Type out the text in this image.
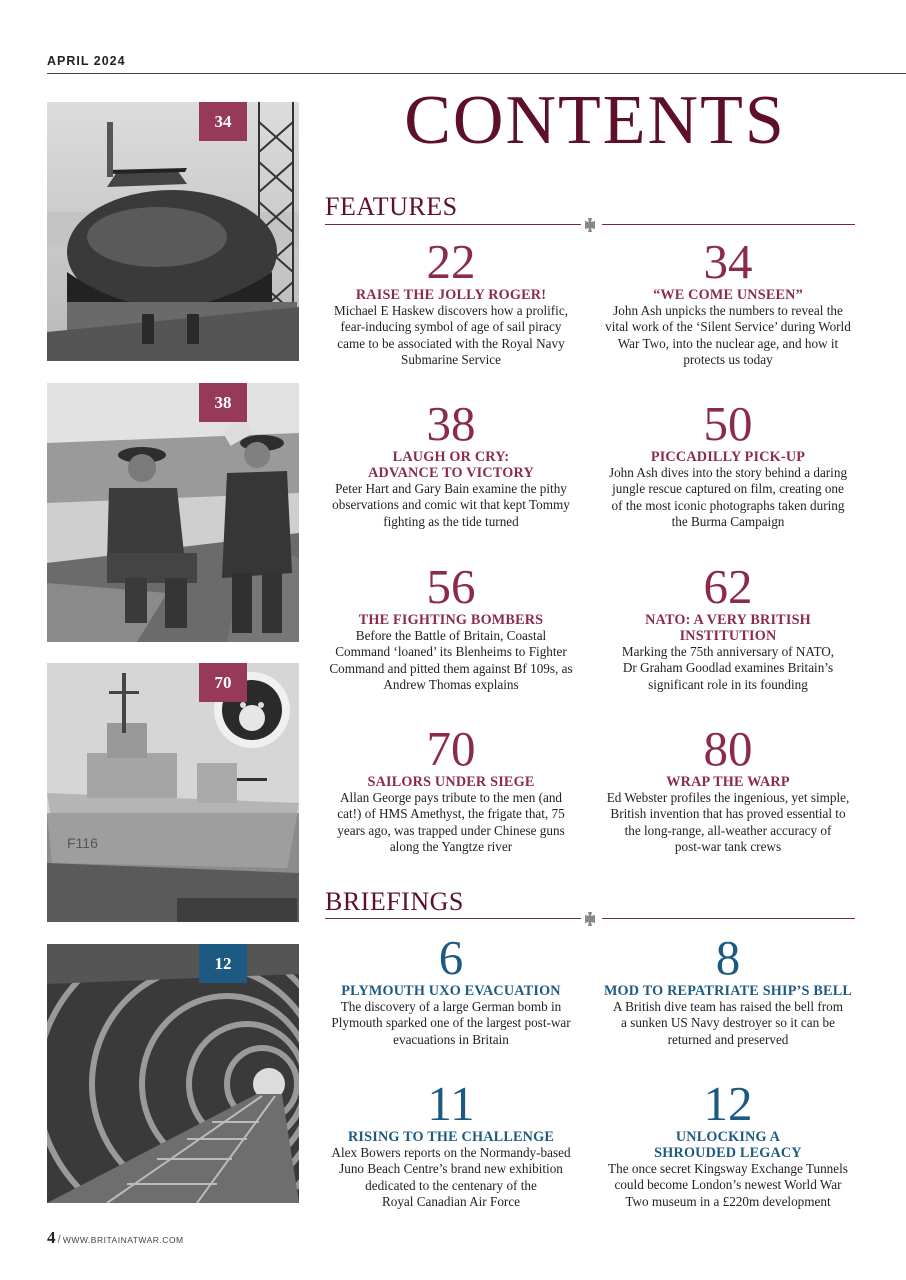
APRIL 2024
CONTENTS
FEATURES
BRIEFINGS
22
RAISE THE JOLLY ROGER!
Michael E Haskew discovers how a prolific,
fear-inducing symbol of age of sail piracy
came to be associated with the Royal Navy
Submarine Service
34
“WE COME UNSEEN”
John Ash unpicks the numbers to reveal the
vital work of the ‘Silent Service’ during World
War Two, into the nuclear age, and how it
protects us today
38
LAUGH OR CRY:
ADVANCE TO VICTORY
Peter Hart and Gary Bain examine the pithy
observations and comic wit that kept Tommy
fighting as the tide turned
50
PICCADILLY PICK-UP
John Ash dives into the story behind a daring
jungle rescue captured on film, creating one
of the most iconic photographs taken during
the Burma Campaign
56
THE FIGHTING BOMBERS
Before the Battle of Britain, Coastal
Command ‘loaned’ its Blenheims to Fighter
Command and pitted them against Bf 109s, as
Andrew Thomas explains
62
NATO: A VERY BRITISH
INSTITUTION
Marking the 75th anniversary of NATO,
Dr Graham Goodlad examines Britain’s
significant role in its founding
70
SAILORS UNDER SIEGE
Allan George pays tribute to the men (and
cat!) of HMS Amethyst, the frigate that, 75
years ago, was trapped under Chinese guns
along the Yangtze river
80
WRAP THE WARP
Ed Webster profiles the ingenious, yet simple,
British invention that has proved essential to
the long-range, all-weather accuracy of
post-war tank crews
6
PLYMOUTH UXO EVACUATION
The discovery of a large German bomb in
Plymouth sparked one of the largest post-war
evacuations in Britain
8
MOD TO REPATRIATE SHIP’S BELL
A British dive team has raised the bell from
a sunken US Navy destroyer so it can be
returned and preserved
11
RISING TO THE CHALLENGE
Alex Bowers reports on the Normandy-based
Juno Beach Centre’s brand new exhibition
dedicated to the centenary of the
Royal Canadian Air Force
12
UNLOCKING A
SHROUDED LEGACY
The once secret Kingsway Exchange Tunnels
could become London’s newest World War
Two museum in a £220m development
34
38
F116
70
12
4 / WWW.BRITAINATWAR.COM
